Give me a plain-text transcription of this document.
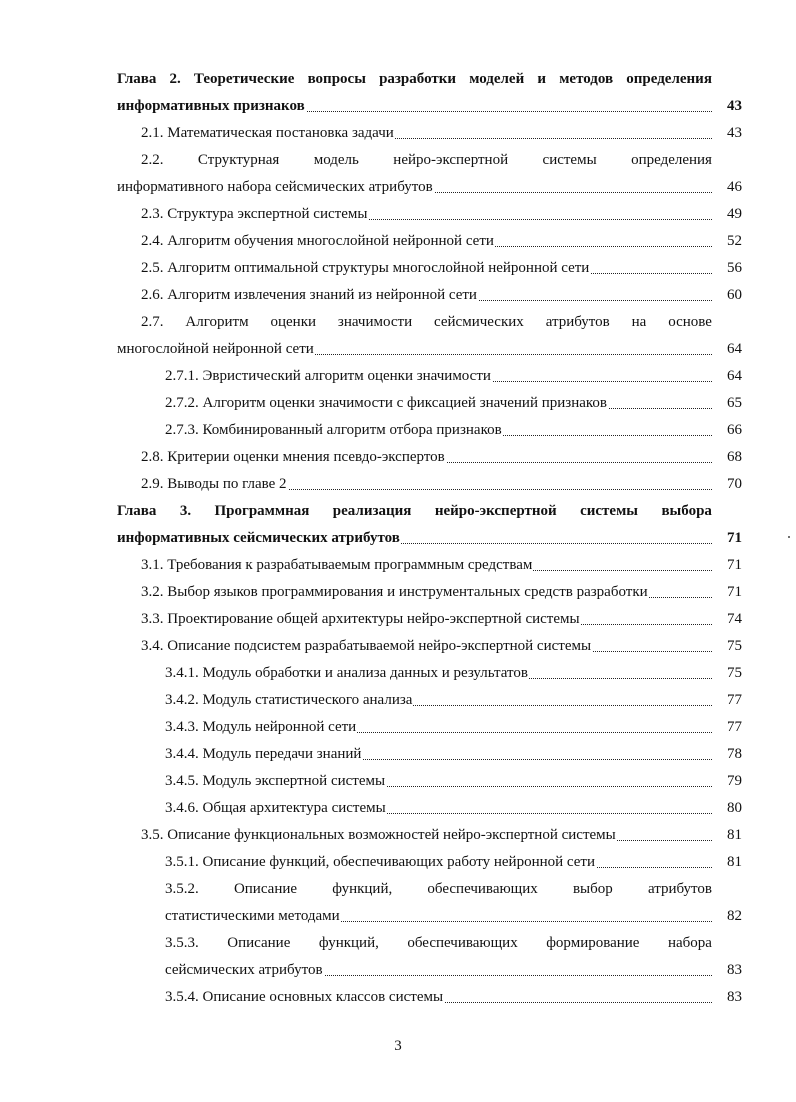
Глава 2. Теоретические вопросы разработки моделей и методов определения
информативных признаков	43
2.1. Математическая постановка задачи	43
2.2. Структурная модель нейро-экспертной системы определения
информативного набора сейсмических атрибутов	46
2.3. Структура экспертной системы	49
2.4. Алгоритм обучения многослойной нейронной сети	52
2.5. Алгоритм оптимальной структуры многослойной нейронной сети	56
2.6. Алгоритм извлечения знаний из нейронной сети	60
2.7. Алгоритм оценки значимости сейсмических атрибутов на основе
многослойной нейронной сети	64
2.7.1. Эвристический алгоритм оценки значимости	64
2.7.2. Алгоритм оценки значимости с фиксацией значений признаков	65
2.7.3. Комбинированный алгоритм отбора признаков	66
2.8. Критерии оценки мнения псевдо-экспертов	68
2.9. Выводы по главе 2	70
Глава 3. Программная реализация нейро-экспертной системы выбора
информативных сейсмических атрибутов	71
3.1. Требования к разрабатываемым программным средствам	71
3.2. Выбор языков программирования и инструментальных средств разработки	71
3.3. Проектирование общей архитектуры нейро-экспертной системы	74
3.4. Описание подсистем разрабатываемой нейро-экспертной системы	75
3.4.1. Модуль обработки и анализа данных и результатов	75
3.4.2. Модуль статистического анализа	77
3.4.3. Модуль нейронной сети	77
3.4.4. Модуль передачи знаний	78
3.4.5. Модуль экспертной системы	79
3.4.6. Общая архитектура системы	80
3.5. Описание функциональных возможностей нейро-экспертной системы	81
3.5.1. Описание функций, обеспечивающих работу нейронной сети	81
3.5.2. Описание функций, обеспечивающих выбор атрибутов
статистическими методами	82
3.5.3. Описание функций, обеспечивающих формирование набора
сейсмических атрибутов	83
3.5.4. Описание основных классов системы	83
3
